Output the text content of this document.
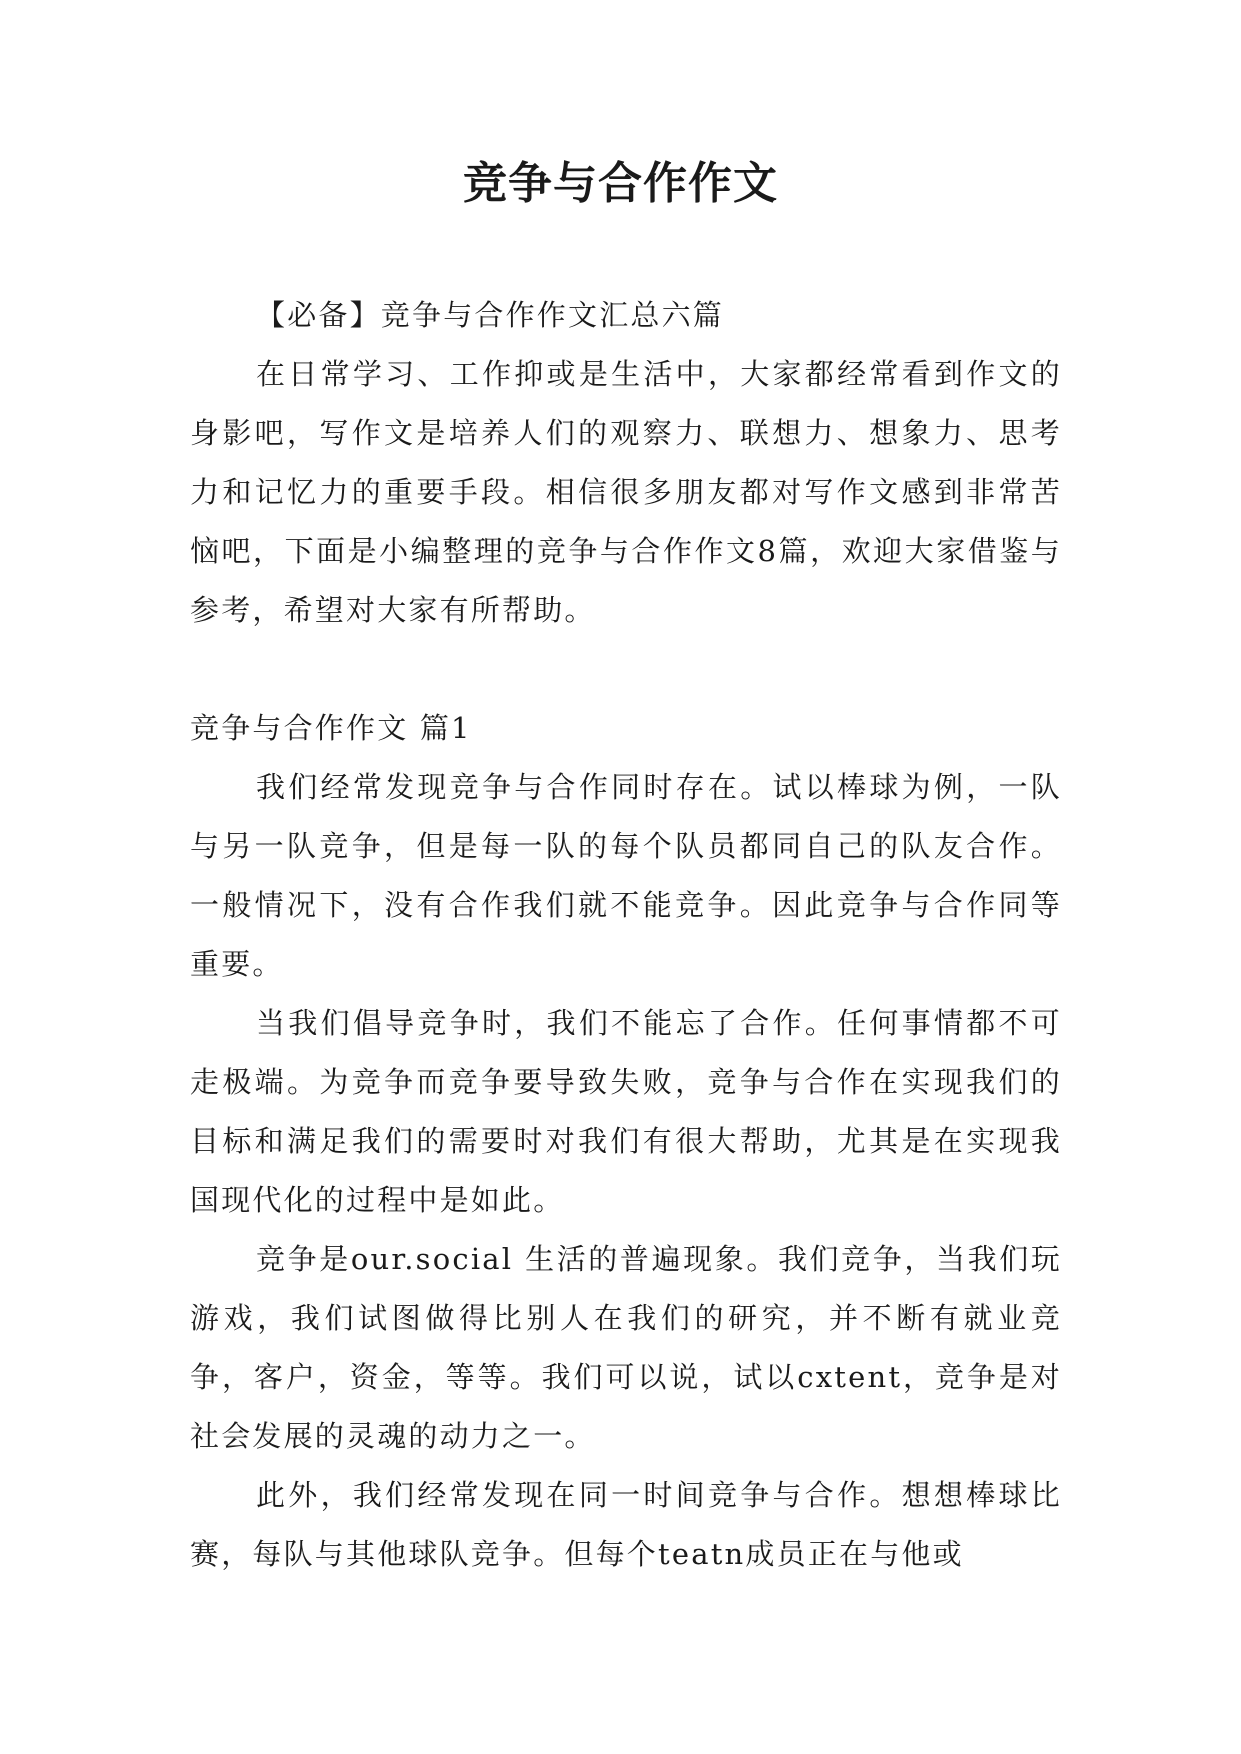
竞争与合作作文

【必备】竞争与合作作文汇总六篇

在日常学习、工作抑或是生活中，大家都经常看到作文的身影吧，写作文是培养人们的观察力、联想力、想象力、思考力和记忆力的重要手段。相信很多朋友都对写作文感到非常苦恼吧，下面是小编整理的竞争与合作作文8篇，欢迎大家借鉴与参考，希望对大家有所帮助。

竞争与合作作文 篇1

我们经常发现竞争与合作同时存在。试以棒球为例，一队与另一队竞争，但是每一队的每个队员都同自己的队友合作。一般情况下，没有合作我们就不能竞争。因此竞争与合作同等重要。

当我们倡导竞争时，我们不能忘了合作。任何事情都不可走极端。为竞争而竞争要导致失败，竞争与合作在实现我们的目标和满足我们的需要时对我们有很大帮助，尤其是在实现我国现代化的过程中是如此。

竞争是our.social 生活的普遍现象。我们竞争，当我们玩游戏，我们试图做得比别人在我们的研究，并不断有就业竞争，客户，资金，等等。我们可以说，试以cxtent，竞争是对社会发展的灵魂的动力之一。

此外，我们经常发现在同一时间竞争与合作。想想棒球比赛，每队与其他球队竞争。但每个teatn成员正在与他或
